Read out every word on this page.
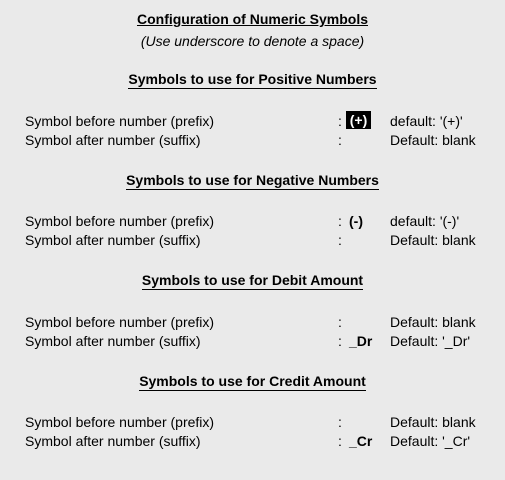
Configuration of Numeric Symbols
(Use underscore to denote a space)
Symbols to use for Positive Numbers
Symbol before number (prefix)	: (+) default: '(+)'
Symbol after number (suffix)	:	Default: blank
Symbols to use for Negative Numbers
Symbol before number (prefix)	: (-) default: '(-)'
Symbol after number (suffix)	:	Default: blank
Symbols to use for Debit Amount
Symbol before number (prefix)	:	Default: blank
Symbol after number (suffix)	: _Dr Default: '_Dr'
Symbols to use for Credit Amount
Symbol before number (prefix)	:	Default: blank
Symbol after number (suffix)	: _Cr Default: '_Cr'
